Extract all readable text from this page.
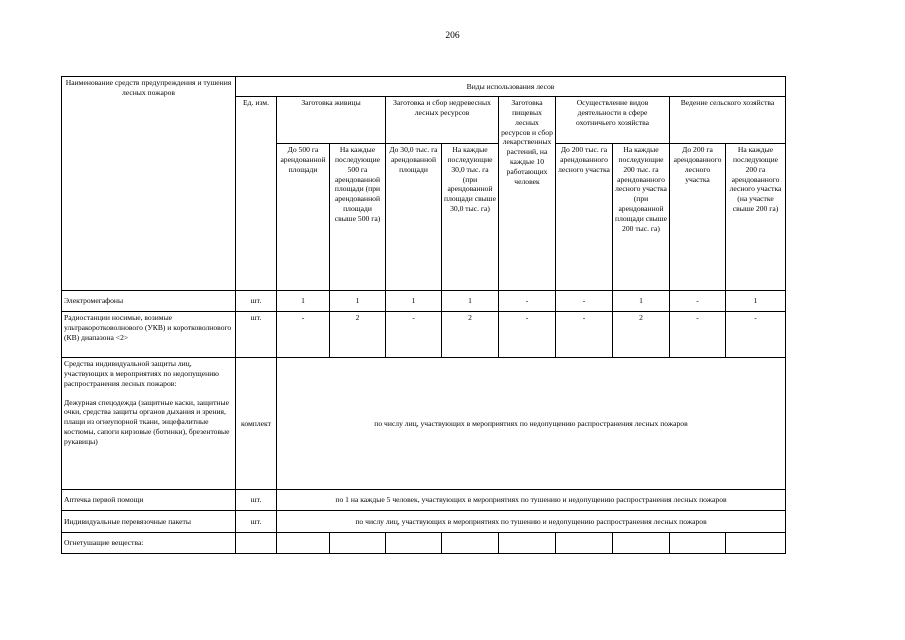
206
Наименование средств предупреждения и тушения лесных пожаров	Виды использования лесов									
	Ед. изм.	Заготовка живицы		Заготовка и сбор недревесных лесных ресурсов		Заготовка пищевых лесных ресурсов и сбор лекарственных растений, на каждые 10 работающих человек	Осуществление видов деятельности в сфере охотничьего хозяйства		Ведение сельского хозяйства	
		До 500 га арендованной площади	На каждые последующие 500 га арендованной площади (при арендованной площади свыше 500 га)	До 30,0 тыс. га арендованной площади	На каждые последующие 30,0 тыс. га (при арендованной площади свыше 30,0 тыс. га)		До 200 тыс. га арендованного лесного участка	На каждые последующие 200 тыс. га арендованного лесного участка (при арендованной площади свыше 200 тыс. га)	До 200 га арендованного лесного участка	На каждые последующие 200 га арендованного лесного участка (на участке свыше 200 га)
Электромегафоны	шт.	1	1	1	1	-	-	1	-	1
Радиостанции носимые, возимые ультракоротковолнового (УКВ) и коротковолнового (КВ) диапазона <2>	шт.	-	2	-	2	-	-	2	-	-

Средства индивидуальной защиты лиц, участвующих в мероприятиях по недопущению распространения лесных пожаров:
Дежурная спецодежда (защитные каски, защитные очки, средства защиты органов дыхания и зрения, плащи из огнеупорной ткани, энцефалитные костюмы, сапоги кирзовые (ботинки), брезентовые рукавицы)	комплект	по числу лиц, участвующих в мероприятиях по недопущению распространения лесных пожаров								
Аптечка первой помощи	шт.	по 1 на каждые 5 человек, участвующих в мероприятиях по тушению и недопущению распространения лесных пожаров								
Индивидуальные перевязочные пакеты	шт.	по числу лиц, участвующих в мероприятиях по тушению и недопущению распространения лесных пожаров								
Огнетушащие вещества:										
